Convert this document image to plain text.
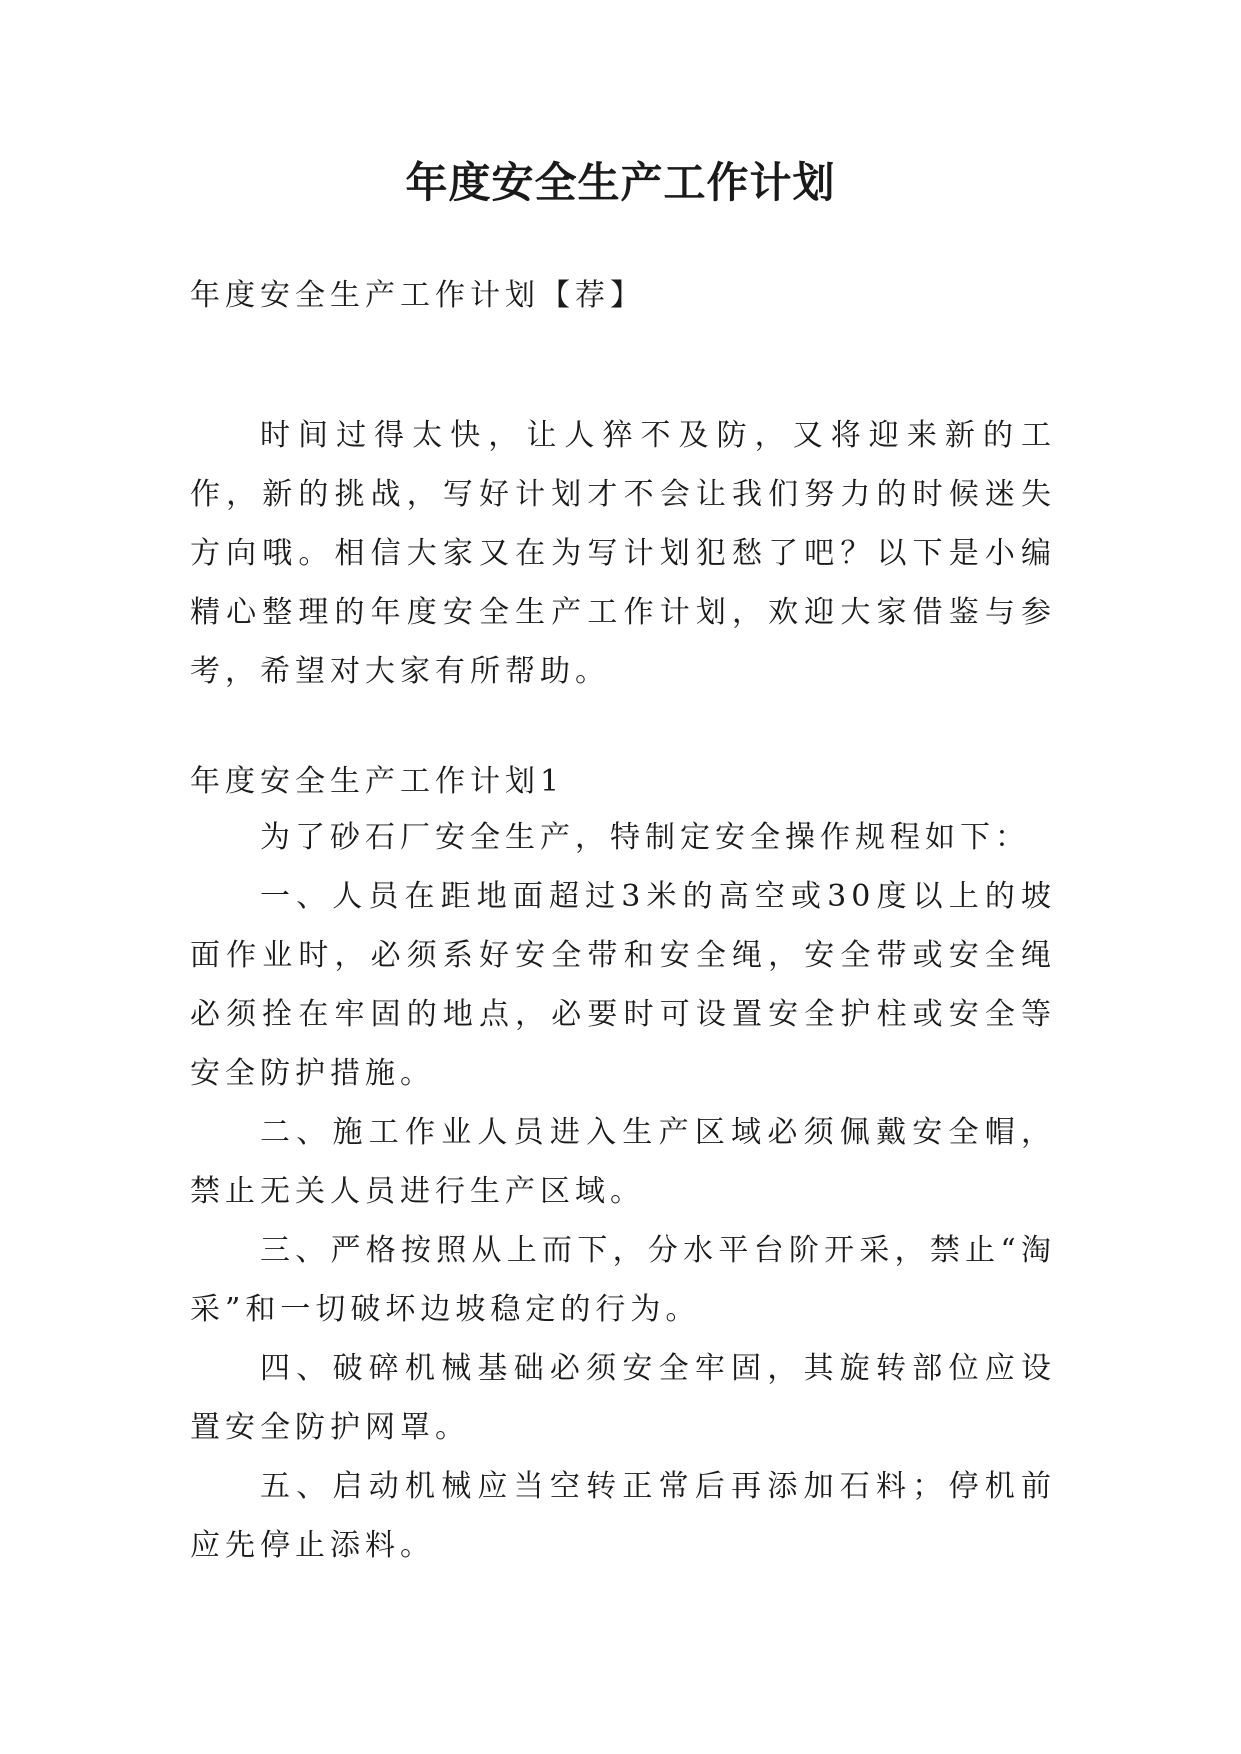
年度安全生产工作计划

年度安全生产工作计划【荐】

时间过得太快，让人猝不及防，又将迎来新的工作，新的挑战，写好计划才不会让我们努力的时候迷失方向哦。相信大家又在为写计划犯愁了吧？以下是小编精心整理的年度安全生产工作计划，欢迎大家借鉴与参考，希望对大家有所帮助。

年度安全生产工作计划1

为了砂石厂安全生产，特制定安全操作规程如下：

一、人员在距地面超过3米的高空或30度以上的坡面作业时，必须系好安全带和安全绳，安全带或安全绳必须拴在牢固的地点，必要时可设置安全护柱或安全等安全防护措施。

二、施工作业人员进入生产区域必须佩戴安全帽，禁止无关人员进行生产区域。

三、严格按照从上而下，分水平台阶开采，禁止“淘采”和一切破坏边坡稳定的行为。

四、破碎机械基础必须安全牢固，其旋转部位应设置安全防护网罩。

五、启动机械应当空转正常后再添加石料；停机前应先停止添料。
